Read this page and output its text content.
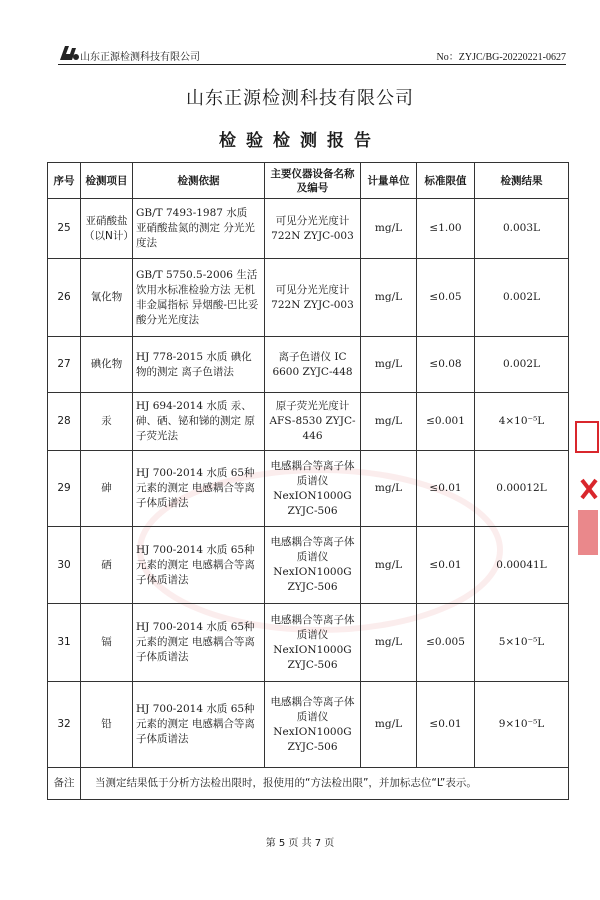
山东正源检测科技有限公司	No：ZYJC/BG-20220221-0627
山东正源检测科技有限公司
检验检测报告
序号	检测项目	检测依据	主要仪器设备名称及编号	计量单位	标准限值	检测结果
25	亚硝酸盐（以N计）	GB/T 7493-1987 水质 亚硝酸盐氮的测定 分光光度法	可见分光光度计 722N ZYJC-003	mg/L	≤1.00	0.003L
26	氰化物	GB/T 5750.5-2006 生活饮用水标准检验方法 无机非金属指标 异烟酸-巴比妥酸分光光度法	可见分光光度计 722N ZYJC-003	mg/L	≤0.05	0.002L
27	碘化物	HJ 778-2015 水质 碘化物的测定 离子色谱法	离子色谱仪 IC 6600 ZYJC-448	mg/L	≤0.08	0.002L
28	汞	HJ 694-2014 水质 汞、砷、硒、铋和锑的测定 原子荧光法	原子荧光光度计 AFS-8530 ZYJC-446	mg/L	≤0.001	4×10⁻⁵L
29	砷	HJ 700-2014 水质 65种元素的测定 电感耦合等离子体质谱法	电感耦合等离子体质谱仪 NexION1000G ZYJC-506	mg/L	≤0.01	0.00012L
30	硒	HJ 700-2014 水质 65种元素的测定 电感耦合等离子体质谱法	电感耦合等离子体质谱仪 NexION1000G ZYJC-506	mg/L	≤0.01	0.00041L
31	镉	HJ 700-2014 水质 65种元素的测定 电感耦合等离子体质谱法	电感耦合等离子体质谱仪 NexION1000G ZYJC-506	mg/L	≤0.005	5×10⁻⁵L
32	铅	HJ 700-2014 水质 65种元素的测定 电感耦合等离子体质谱法	电感耦合等离子体质谱仪 NexION1000G ZYJC-506	mg/L	≤0.01	9×10⁻⁵L
备注	当测定结果低于分析方法检出限时，报使用的“方法检出限”，并加标志位“L”表示。					
第 5 页 共 7 页
